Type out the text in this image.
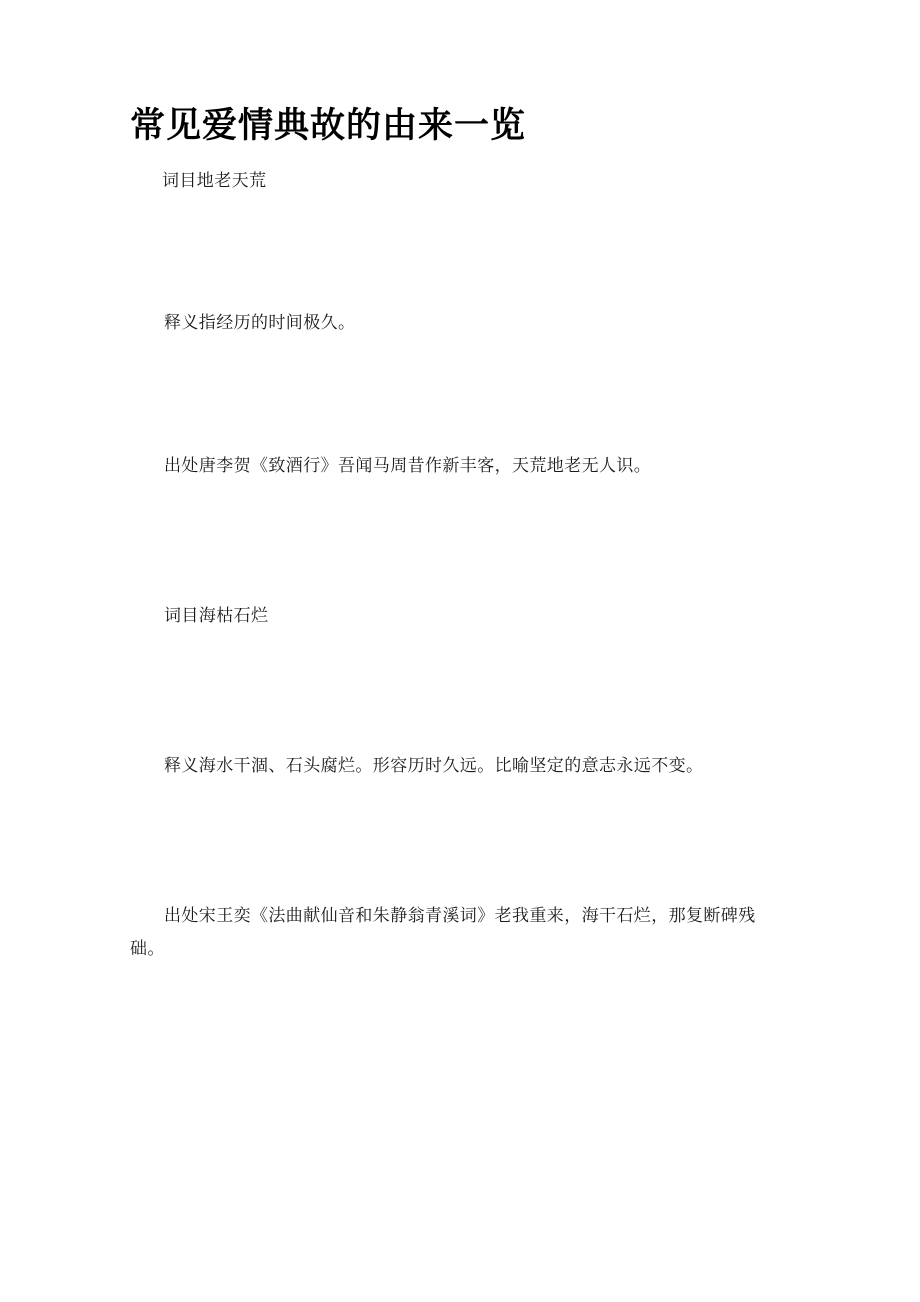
常见爱情典故的由来一览

词目地老天荒

释义指经历的时间极久。

出处唐李贺《致酒行》吾闻马周昔作新丰客，天荒地老无人识。

词目海枯石烂

释义海水干涸、石头腐烂。形容历时久远。比喻坚定的意志永远不变。

出处宋王奕《法曲献仙音和朱静翁青溪词》老我重来，海干石烂，那复断碑残础。
